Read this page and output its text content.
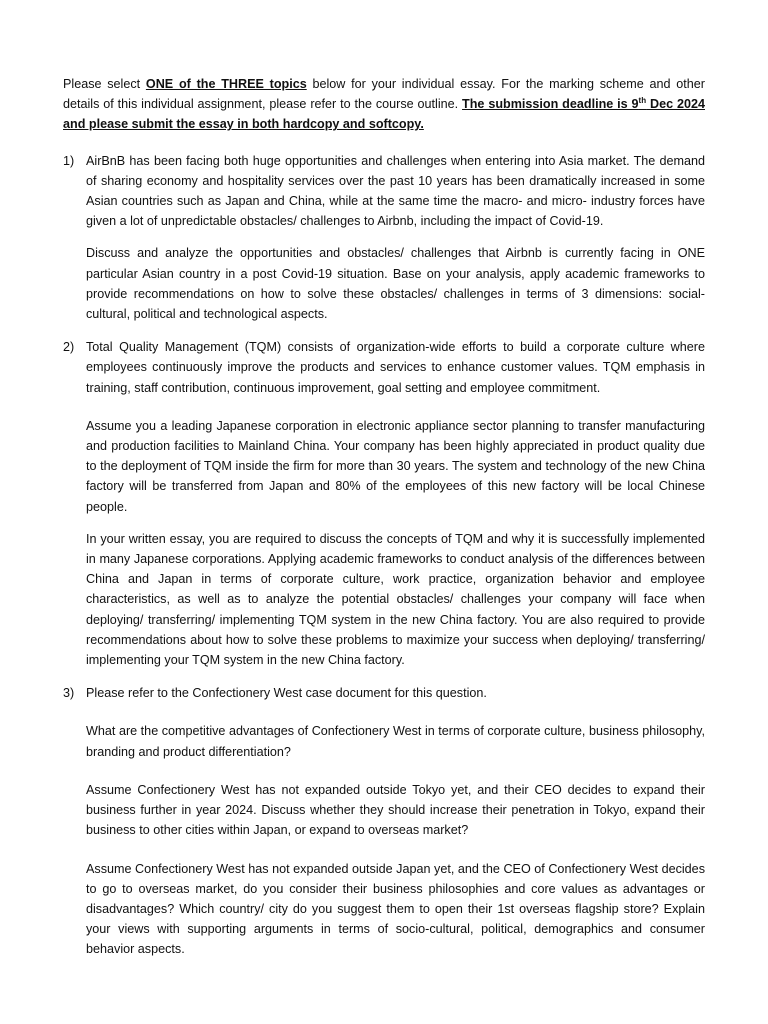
Please select ONE of the THREE topics below for your individual essay. For the marking scheme and other details of this individual assignment, please refer to the course outline. The submission deadline is 9th Dec 2024 and please submit the essay in both hardcopy and softcopy.

1) AirBnB has been facing both huge opportunities and challenges when entering into Asia market. The demand of sharing economy and hospitality services over the past 10 years has been dramatically increased in some Asian countries such as Japan and China, while at the same time the macro- and micro- industry forces have given a lot of unpredictable obstacles/ challenges to Airbnb, including the impact of Covid-19.

Discuss and analyze the opportunities and obstacles/ challenges that Airbnb is currently facing in ONE particular Asian country in a post Covid-19 situation. Base on your analysis, apply academic frameworks to provide recommendations on how to solve these obstacles/ challenges in terms of 3 dimensions: social-cultural, political and technological aspects.

2) Total Quality Management (TQM) consists of organization-wide efforts to build a corporate culture where employees continuously improve the products and services to enhance customer values. TQM emphasis in training, staff contribution, continuous improvement, goal setting and employee commitment.

Assume you a leading Japanese corporation in electronic appliance sector planning to transfer manufacturing and production facilities to Mainland China. Your company has been highly appreciated in product quality due to the deployment of TQM inside the firm for more than 30 years. The system and technology of the new China factory will be transferred from Japan and 80% of the employees of this new factory will be local Chinese people.

In your written essay, you are required to discuss the concepts of TQM and why it is successfully implemented in many Japanese corporations. Applying academic frameworks to conduct analysis of the differences between China and Japan in terms of corporate culture, work practice, organization behavior and employee characteristics, as well as to analyze the potential obstacles/ challenges your company will face when deploying/ transferring/ implementing TQM system in the new China factory. You are also required to provide recommendations about how to solve these problems to maximize your success when deploying/ transferring/ implementing your TQM system in the new China factory.

3) Please refer to the Confectionery West case document for this question.

What are the competitive advantages of Confectionery West in terms of corporate culture, business philosophy, branding and product differentiation?

Assume Confectionery West has not expanded outside Tokyo yet, and their CEO decides to expand their business further in year 2024. Discuss whether they should increase their penetration in Tokyo, expand their business to other cities within Japan, or expand to overseas market?

Assume Confectionery West has not expanded outside Japan yet, and the CEO of Confectionery West decides to go to overseas market, do you consider their business philosophies and core values as advantages or disadvantages? Which country/ city do you suggest them to open their 1st overseas flagship store? Explain your views with supporting arguments in terms of socio-cultural, political, demographics and consumer behavior aspects.
